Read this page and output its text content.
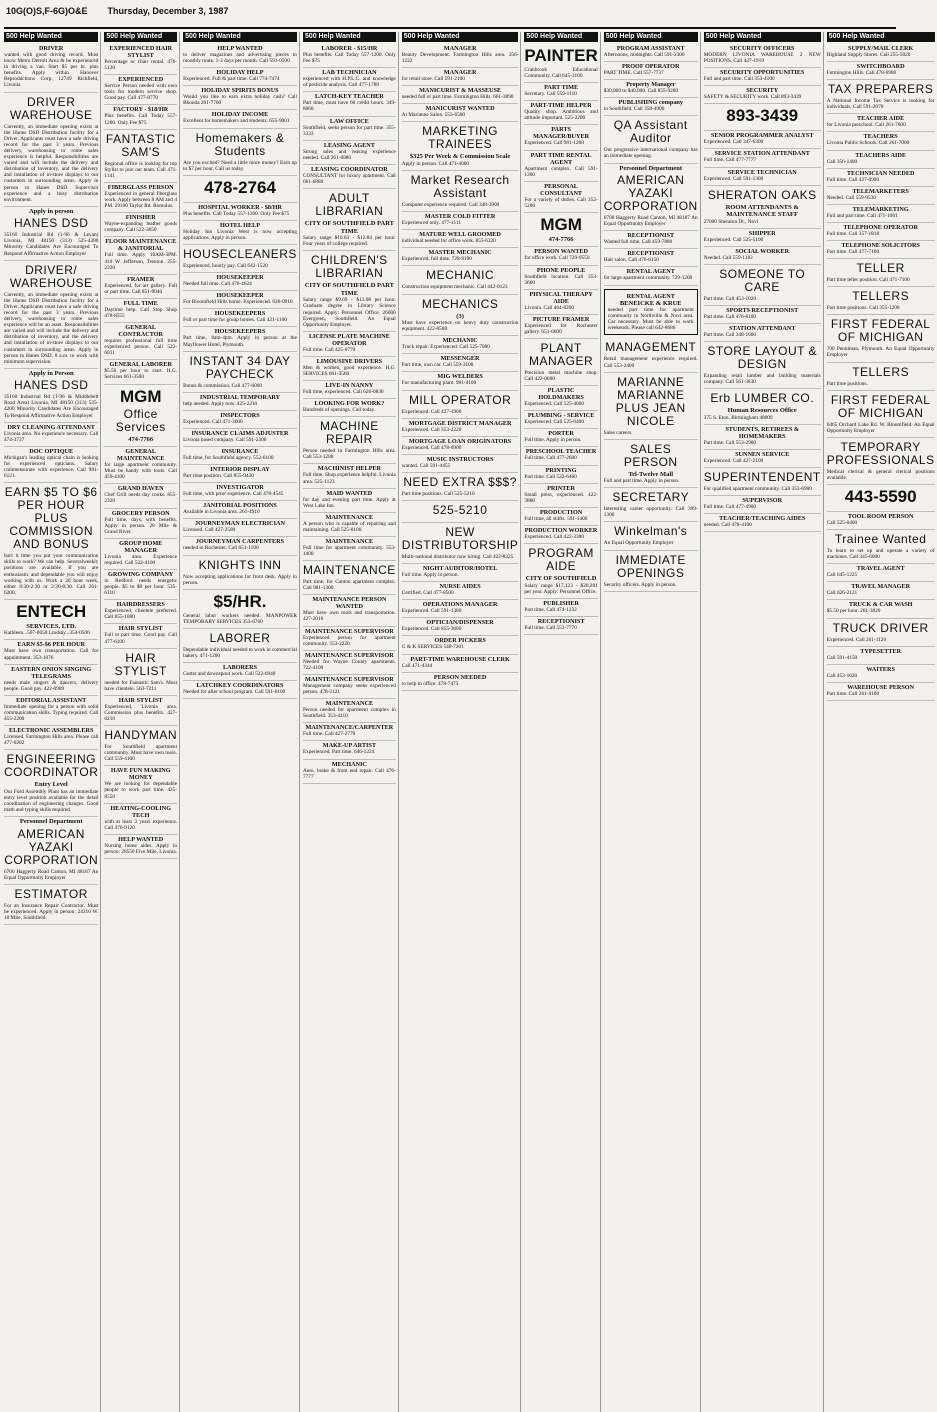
10G(O)S,F-6G) O&E	Thursday, December 3, 1987
500 Help Wanted
DRIVER
wanted with good driving record. Must know Metro Detroit Area & be experienced in driving a van. Start $5 per hr. plus benefits. Apply within. Hanover Reproductions Corp. 12749 Richfield, Livonia
DRIVER WAREHOUSE
Currently, an immediate opening exists at the Hanes DSD Distribution facility for a Driver. Applicants must have a safe driving record for the past 3 years. Previous delivery, warehousing or route sales experience is helpful. Responsibilities are varied and will include the delivery and distribution of inventory, and the delivery and installation of in-store displays to our customers in surrounding areas. Apply in person to Hanes DSD. Supervisor experience and a busy distribution environment.
Apply in person
HANES DSD
35160 Industrial Rd (1-96 & Levan) Livonia, MI 48150 (313) 525-4200 Minority Candidates Are Encouraged To Respond Affirmative Action Employer
DRIVER/ WAREHOUSE
Currently, an immediate opening exists at the Hanes DSD Distribution facility for a Driver. Applicants must have a safe driving record for the past 3 years. Previous delivery, warehousing or route sales experience will be an asset. Responsibilities are varied and will include the delivery and distribution of inventory, and the delivery and installation of in-store displays to our customers in surrounding areas. Apply in person to Hanes DSD, 8 a.m. to work with minimum supervision.
Apply in Person
HANES DSD
35160 Industrial Rd (1-96 & Middlebelt Road Area) Livonia, MI 48150 (313) 525-4200 Minority Candidates Are Encouraged To Respond Affirmative Action Employer
DRY CLEANING ATTENDANT
Livonia area. No experience necessary. Call 474-3737
DOC OPTIQUE
Michigan's leading optical chain is looking for experienced opticians. Salary commensurate with experience. Call 981-6121.
EARN $5 TO $6 PER HOUR PLUS COMMISSION AND BONUS
Isn't it time you put your communication skills to work? We can help. Severalweekly positions are available. If you are enthusiastic and dependable you will enjoy working with us. Work a 20 hour week, either 8:30-2:30 or 2:30-8:30. Call 261-6200.
ENTECH
SERVICES, LTD.
Kathleen...567-0050 Lindsay...354-0500
EARN $5-$6 PER HOUR
Must have own transportation. Call for appointment. 353-1076
EASTERN ONION SINGING TELEGRAMS
needs male singers & dancers, delivery people. Good pay. 422-0989
EDITORIAL ASSISTANT
Immediate opening for a person with solid communication skills. Typing required. Call 455-2200
ELECTRONIC ASSEMBLERS
Licensed, Farmington Hills area. Please call 477-0202
ENGINEERING COORDINATOR
Entry Level
Our Ford Assembly Plant has an immediate entry level position available for the detail coordination of engineering changes. Good math and typing skills required.
Personnel Department
AMERICAN YAZAKI CORPORATION
6700 Haggerty Road Canton, MI 48187 An Equal Opportunity Employer
ESTIMATOR
For an Insurance Repair Contractor. Must be experienced. Apply in person: 24310 W. 10 Mile, Southfield.
500 Help Wanted
EXPERIENCED HAIR STYLIST
Percentage or chair rental. 476-5120
EXPERIENCED
Service Person needed with own tools for modern service shop. Good pay. Call 477-8770
FACTORY - $18/HR
Plus benefits. Call Today 557-1200. Only Fee $75
FANTASTIC SAM'S
Regional office is looking for top Stylist to join our team. Call 471-1141
FIBERGLASS PERSON
Experienced in general fiberglass work. Apply between 8 AM and 4 PM. 29100 Taylor Rd. Romulus.
FINISHER
Wayne-expanding leather goods company. Call 522-3650
FLOOR MAINTENANCE & JANITORIAL
Full time. Apply 10AM-3PM. 410 W. Jefferson, Trenton. 255-2320
FRAMER
Experienced, for art gallery. Full or part time. Call 851-9040
FULL TIME
Daytime help. Call Stop Shop 478-8555
GENERAL CONTRACTOR
requires professional full time experienced person. Call 522-6011
GENERAL LABORER
$5.50 per hour to start. H.G. Services 661-3560
MGM
Office Services
474-7766
GENERAL MAINTENANCE
for large apartment community. Must be handy with tools. Call 459-4100
GRAND HAVEN
Chef Grill needs day cooks. 855-2320
GROCERY PERSON
Full time, days, with benefits. Apply in person. 28 Mile & Grand River.
GROUP HOME MANAGER
Livonia area. Experience required. Call 522-4100
GROWING COMPANY
in Redford needs energetic people. $5 to $8 per hour. 535-6110
HAIRDRESSERS
Experienced, clientele preferred. Call 855-1080
HAIR STYLIST
Full or part time. Good pay. Call 477-6100
HAIR STYLIST
needed for Fantastic Sam's. Must have clientele. 563-7211
HAIR STYLIST
Experienced, Livonia area. Commission plus benefits. 427-6210
HANDYMAN
For Southfield apartment community. Must have own tools. Call 559-4100
HAVE FUN MAKING MONEY
We are looking for dependable people to work part time. 425-8550
HEATING-COOLING TECH
with at least 3 years experience. Call 476-9120
HELP WANTED
Nursing home aides. Apply in person: 28550 Five Mile, Livonia.
500 Help Wanted
HELP WANTED
to deliver magazines and advertising pieces to monthly route. 1-3 days per month. Call 591-0500
HOLIDAY HELP
Experienced. Full & part time. Call 774-7474
HOLIDAY SPIRITS BONUS
Would you like to earn extra holiday cash? Call Rhonda 261-7700
HOLIDAY INCOME
Excellent for homemakers and students. 655-9001
Homemakers & Students
Are you excited? Need a little more money? Earn up to $7 per hour. Call us today.
478-2764
HOSPITAL WORKER - $8/HR
Plus benefits. Call Today 557-1200. Only Fee $75
HOTEL HELP
Holiday Inn Livonia West is now accepting applications. Apply in person.
HOUSECLEANERS
Experienced, hourly pay. Call 642-1520
HOUSEKEEPER
Needed full time. Call 476-4624
HOUSEKEEPER
For Bloomfield Hills home. Experienced. 626-0910
HOUSEKEEPERS
Full or part time for group homes. Call 421-1100
HOUSEKEEPERS
Part time, 8am-4pm. Apply in person at the Mayflower Hotel, Plymouth.
INSTANT 34 DAY PAYCHECK
Bonus & commission. Call 477-6000
INDUSTRIAL TEMPORARY
help needed. Apply now. 425-2210
INSPECTORS
Experienced. Call 471-3600
INSURANCE CLAIMS ADJUSTER
Livonia based company. Call 591-2300
INSURANCE
Full time, for Southfield agency. 552-6100
INTERIOR DISPLAY
Part time position. Call 855-9420
INVESTIGATOR
Full time, with prior experience. Call 478-4545
JANITORIAL POSITIONS
Available in Livonia area. 261-4910
JOURNEYMAN ELECTRICIAN
Licensed. Call 427-2580
JOURNEYMAN CARPENTERS
needed in Rochester. Call 651-1100
KNIGHTS INN
Now accepting applications for front desk. Apply in person.
$5/HR.
General labor workers needed. MANPOWER TEMPORARY SERVICES 353-6760
LABORER
Dependable individual needed to work in commercial bakery. 471-1200
LABORERS
Gutter and downspout work. Call 522-6940
LATCHKEY COORDINATORS
Needed for after school program. Call 591-0100
500 Help Wanted
LABORER - $15/HR
Plus benefits. Call Today 557-1200. Only Fee $75
LAB TECHNICIAN
experienced with H.P.L.C. and knowledge of pesticide analysis. Call 477-1780
LATCH-KEY TEACHER
Part time, must have 60 credit hours. 349-8060
LAW OFFICE
Southfield, seeks person for part time. 355-3333
LEASING AGENT
Strong sales and leasing experience needed. Call 261-6880
LEASING COORDINATOR
CONSULTANT for luxury apartment. Call 661-6880
ADULT LIBRARIAN
CITY OF SOUTHFIELD PART TIME
Salary range $10.63 - $12.84 per hour. Four years of college required.
CHILDREN'S LIBRARIAN
CITY OF SOUTHFIELD PART TIME
Salary range $9.69 - $13.08 per hour. Graduate degree in Library Science required. Apply: Personnel Office, 26000 Evergreen, Southfield. An Equal Opportunity Employer.
LICENSE PLATE MACHINE OPERATOR
Full time. Call 425-0770
LIMOUSINE DRIVERS
Men & women, good experience. H.G. SERVICES 661-3560
LIVE-IN NANNY
Full time, experienced. Call 626-0830
LOOKING FOR WORK?
Hundreds of openings. Call today.
MACHINE REPAIR
Person needed in Farmington Hills area. Call 553-1200
MACHINIST HELPER
Full time. Shop experience helpful. Livonia area. 525-1123
MAID WANTED
for day and evening part time. Apply at West Lake Inn.
MAINTENANCE
A person who is capable of repairing and maintaining. Call 525-8100
MAINTENANCE
Full time for apartment community. 553-1400
MAINTENANCE
Part time, for Canton apartment complex. Call 981-1300
MAINTENANCE PERSON WANTED
Must have own tools and transportation. 427-2010
MAINTENANCE SUPERVISOR
Experienced person for apartment community. 553-2220
MAINTENANCE SUPERVISOR
Needed for Wayne County apartments. 722-4100
MAINTENANCE SUPERVISOR
Management company seeks experienced person. 478-2121
MAINTENANCE
Person needed for apartment complex in Southfield. 353-4110
MAINTENANCE/CARPENTER
Full time. Call 427-2770
MAKE-UP ARTIST
Experienced. Part time. 646-1224
MECHANIC
Auto, brake & front end repair. Call 476-7777
500 Help Wanted
MANAGER
Beauty Development. Farmington Hills area. 356-1222
MANAGER
for retail store. Call 591-2100
MANICURIST & MASSEUSE
needed full or part time. Farmington Hills. 661-3890
MANICURIST WANTED
At Marianne Salon. 553-6500
MARKETING TRAINEES
$325 Per Week & Commission Scale
Apply in person. Call 471-4000
Market Research Assistant
Computer experience required. Call 348-3900
MASTER COLD FITTER
Experienced only. 477-1111
MATURE WELL GROOMED
individual needed for office work. 855-6320
MASTER MECHANIC
Experienced, full time. 728-9100
MECHANIC
Construction equipment mechanic. Call 442-0123
MECHANICS
(3)
Must have experience on heavy duty construction equipment. 422-8500
MECHANIC
Truck repair. Experienced. Call 525-7080
MESSENGER
Part time, own car. Call 559-3100
MIG WELDERS
For manufacturing plant. 981-4100
MILL OPERATOR
Experienced. Call 427-1900
MORTGAGE DISTRICT MANAGER
Experienced. Call 353-2220
MORTGAGE LOAN ORIGINATORS
Experienced. Call 478-0900
MUSIC INSTRUCTORS
wanted. Call 591-4455
NEED EXTRA $$$?
Part time positions. Call 525-5210
525-5210
NEW DISTRIBUTORSHIP
Multi-national distributor now hiring. Call 422-8225
NIGHT AUDITOR/HOTEL
Full time. Apply in person.
NURSE AIDES
Certified. Call 477-8500
OPERATIONS MANAGER
Experienced. Call 591-1300
OPTICIAN/DISPENSER
Experienced. Call 855-3600
ORDER PICKERS
G & K SERVICES 540-7301
PART-TIME WAREHOUSE CLERK
Call 471-4344
PERSON NEEDED
to help in office. 478-7473
500 Help Wanted
PAINTER
Cranbrook Educational Community. Call 645-3100
PART TIME
Secretary. Call 559-1110
PART-TIME HELPER
Quality shop. Ambitious and attitude important. 525-2200
PARTS MANAGER/BUYER
Experienced. Call 981-1200
PART TIME RENTAL AGENT
Apartment complex. Call 591-1300
PERSONAL CONSULTANT
For a variety of duties. Call 352-5200
MGM
474-7766
PERSON WANTED
for office work. Call 729-9550
PHONE PEOPLE
Southfield location. Call 353-3600
PHYSICAL THERAPY AIDE
Livonia. Call 464-8260
PICTURE FRAMER
Experienced for Rochester gallery. 651-6600
PLANT MANAGER
Precision metal machine shop. Call 422-0600
PLASTIC HOLDMAKERS
Experienced. Call 525-4600
PLUMBING - SERVICE
Experienced. Call 525-6400
PORTER
Full time. Apply in person.
PRESCHOOL TEACHER
Full time. Call 477-2600
PRINTING
Part time. Call 522-6460
PRINTER
Small press, experienced. 422-3880
PRODUCTION
Full time, all shifts. 591-1400
PRODUCTION WORKER
Experienced. Call 422-3380
PROGRAM AIDE
CITY OF SOUTHFIELD
Salary range $17,123 - $20,281 per year. Apply: Personnel Office.
PUBLISHER
Part time. Call 474-1232
RECEPTIONIST
Full time. Call 553-7770
500 Help Wanted
PROGRAM ASSISTANT
Afternoons, midnights. Call 591-2300
PROOF OPERATOR
PART TIME. Call 557-7737
Property Manager
$30,000 to $40,000. Call 855-9200
PUBLISHING company
in Southfield. Call 358-4900
QA Assistant Auditor
Our progressive international company has an immediate opening.
Personnel Department
AMERICAN YAZAKI CORPORATION
6700 Haggerty Road Canton, MI 48187 An Equal Opportunity Employer
RECEPTIONIST
Wanted full time. Call 459-7880
RECEPTIONIST
Hair salon. Call 476-6150
RENTAL AGENT
for large apartment community. 729-1200
RENTAL AGENT
BENEICKE & KRUE
needed part time for apartment community in Northville & Novi area. Car necessary. Must be able to work weekends. Please call 642-8686
MANAGEMENT
Retail management experience required. Call 553-2400
MARIANNE MARIANNE PLUS JEAN NICOLE
Sales careers.
SALES PERSON
Tel-Twelve Mall
Full and part time. Apply in person.
SECRETARY
Interesting career opportunity. Call 399-1300
Winkelman's
An Equal Opportunity Employer
IMMEDIATE OPENINGS
Security officers. Apply in person.
500 Help Wanted
SECURITY OFFICERS
MODERN LIVONIA WAREHOUSE 2 NEW POSITIONS. Call 427-1919
SECURITY OPPORTUNITIES
Full and part time. Call 353-4100
SECURITY
SAFETY & SECURITY work. Call 893-3439
893-3439
SENIOR PROGRAMMER ANALYST
Experienced. Call 347-6300
SERVICE STATION ATTENDANT
Full time. Call 477-7777
SERVICE TECHNICIAN
Experienced. Call 591-1300
SHERATON OAKS
ROOM ATTENDANTS & MAINTENANCE STAFF
27000 Sheraton Dr., Novi
SHIPPER
Experienced. Call 525-5100
SOCIAL WORKER
Needed. Call 559-1182
SOMEONE TO CARE
Part time. Call 453-1020
SPORTS RECEPTIONIST
Part time. Call 476-6100
STATION ATTENDANT
Part time. Call 348-1600
STORE LAYOUT & DESIGN
Expanding retail lumber and building materials company. Call 561-3830
Erb LUMBER CO.
Human Resources Office
375 S. Eton, Birmingham 48009
STUDENTS, RETIREES & HOMEMAKERS
Part time. Call 553-2900
SUNNEN SERVICE
Experienced. Call 427-2100
SUPERINTENDENT
For qualified apartment community. Call 353-6900
SUPERVISOR
Full time. Call 477-4900
TEACHER/TEACHING AIDES
needed. Call 478-4100
500 Help Wanted
SUPPLY/MAIL CLERK
Highland Supply Stores. Call 255-5020
SWITCHBOARD
Farmington Hills. Call 478-6900
TAX PREPARERS
A National Income Tax Service is looking for individuals. Call 591-2070
TEACHER AIDE
for Livonia preschool. Call 261-7000
TEACHERS
Livonia Public Schools. Call 261-7000
TEACHERS AIDE
Call 356-1400
TECHNICIAN NEEDED
Full time. Call 427-0900
TELEMARKETERS
Needed. Call 559-9530
TELEMARKETING
Full and part time. Call 471-1081
TELEPHONE OPERATOR
Full time. Call 357-1818
TELEPHONE SOLICITORS
Part time. Call 477-7100
TELLER
Part time teller position. Call 471-7100
TELLERS
Part time positions. Call 355-1200
FIRST FEDERAL OF MICHIGAN
700 Penniman, Plymouth. An Equal Opportunity Employer
TELLERS
Part time positions.
FIRST FEDERAL OF MICHIGAN
6465 Orchard Lake Rd. W. Bloomfield. An Equal Opportunity Employer
TEMPORARY PROFESSIONALS
Medical clerical & general clerical positions available.
443-5590
TOOL ROOM PERSON
Call 525-0400
Trainee Wanted
To learn to set up and operate a variety of machines. Call 345-6000
TRAVEL AGENT
Call 645-1225
TRAVEL MANAGER
Call 626-2121
TRUCK & CAR WASH
$5.50 per hour. 261-3820
TRUCK DRIVER
Experienced. Call 261-1120
TYPESETTER
Call 591-4150
WAITERS
Call 453-1620
WAREHOUSE PERSON
Part time. Call 261-4100
